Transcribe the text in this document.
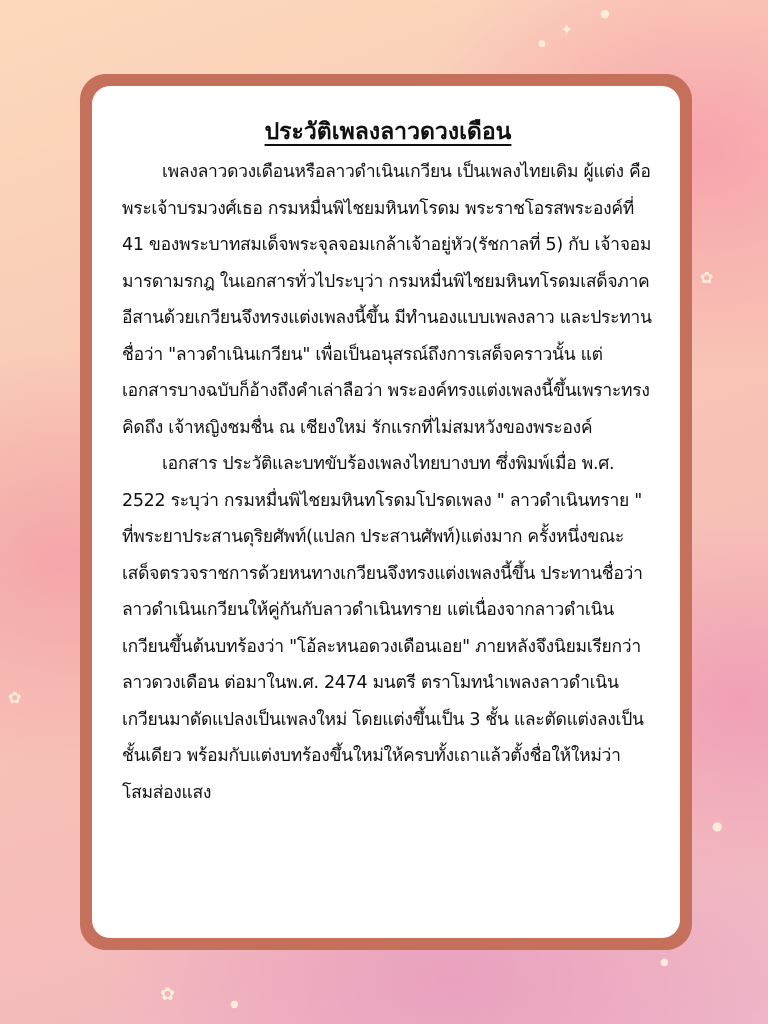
✦
●
●
✿
✿
✿	●
●
●
ประวัติเพลงลาวดวงเดือน

เพลงลาวดวงเดือนหรือลาวดำเนินเกวียน เป็นเพลงไทยเดิม ผู้แต่ง คือ พระเจ้าบรมวงศ์เธอ กรมหมื่นพิไชยมหินทโรดม พระราชโอรสพระองค์ที่ 41 ของพระบาทสมเด็จพระจุลจอมเกล้าเจ้าอยู่หัว(รัชกาลที่ 5) กับ เจ้าจอมมารดามรกฎ ในเอกสารทั่วไประบุว่า กรมหมื่นพิไชยมหินทโรดมเสด็จภาคอีสานด้วยเกวียนจึงทรงแต่งเพลงนี้ขึ้น มีทำนองแบบเพลงลาว และประทานชื่อว่า "ลาวดำเนินเกวียน" เพื่อเป็นอนุสรณ์ถึงการเสด็จคราวนั้น แต่เอกสารบางฉบับก็อ้างถึงคำเล่าลือว่า พระองค์ทรงแต่งเพลงนี้ขึ้นเพราะทรงคิดถึง เจ้าหญิงชมชื่น ณ เชียงใหม่ รักแรกที่ไม่สมหวังของพระองค์

เอกสาร ประวัติและบทขับร้องเพลงไทยบางบท ซึ่งพิมพ์เมื่อ พ.ศ. 2522 ระบุว่า กรมหมื่นพิไชยมหินทโรดมโปรดเพลง " ลาวดำเนินทราย " ที่พระยาประสานดุริยศัพท์(แปลก ประสานศัพท์)แต่งมาก ครั้งหนึ่งขณะเสด็จตรวจราชการด้วยหนทางเกวียนจึงทรงแต่งเพลงนี้ขึ้น ประทานชื่อว่าลาวดำเนินเกวียนให้คู่กันกับลาวดำเนินทราย แต่เนื่องจากลาวดำเนินเกวียนขึ้นต้นบทร้องว่า "โอ้ละหนอดวงเดือนเอย" ภายหลังจึงนิยมเรียกว่าลาวดวงเดือน ต่อมาในพ.ศ. 2474 มนตรี ตราโมทนำเพลงลาวดำเนินเกวียนมาดัดแปลงเป็นเพลงใหม่ โดยแต่งขึ้นเป็น 3 ชั้น และตัดแต่งลงเป็นชั้นเดียว พร้อมกับแต่งบทร้องขึ้นใหม่ให้ครบทั้งเถาแล้วตั้งชื่อให้ใหม่ว่า โสมส่องแสง
